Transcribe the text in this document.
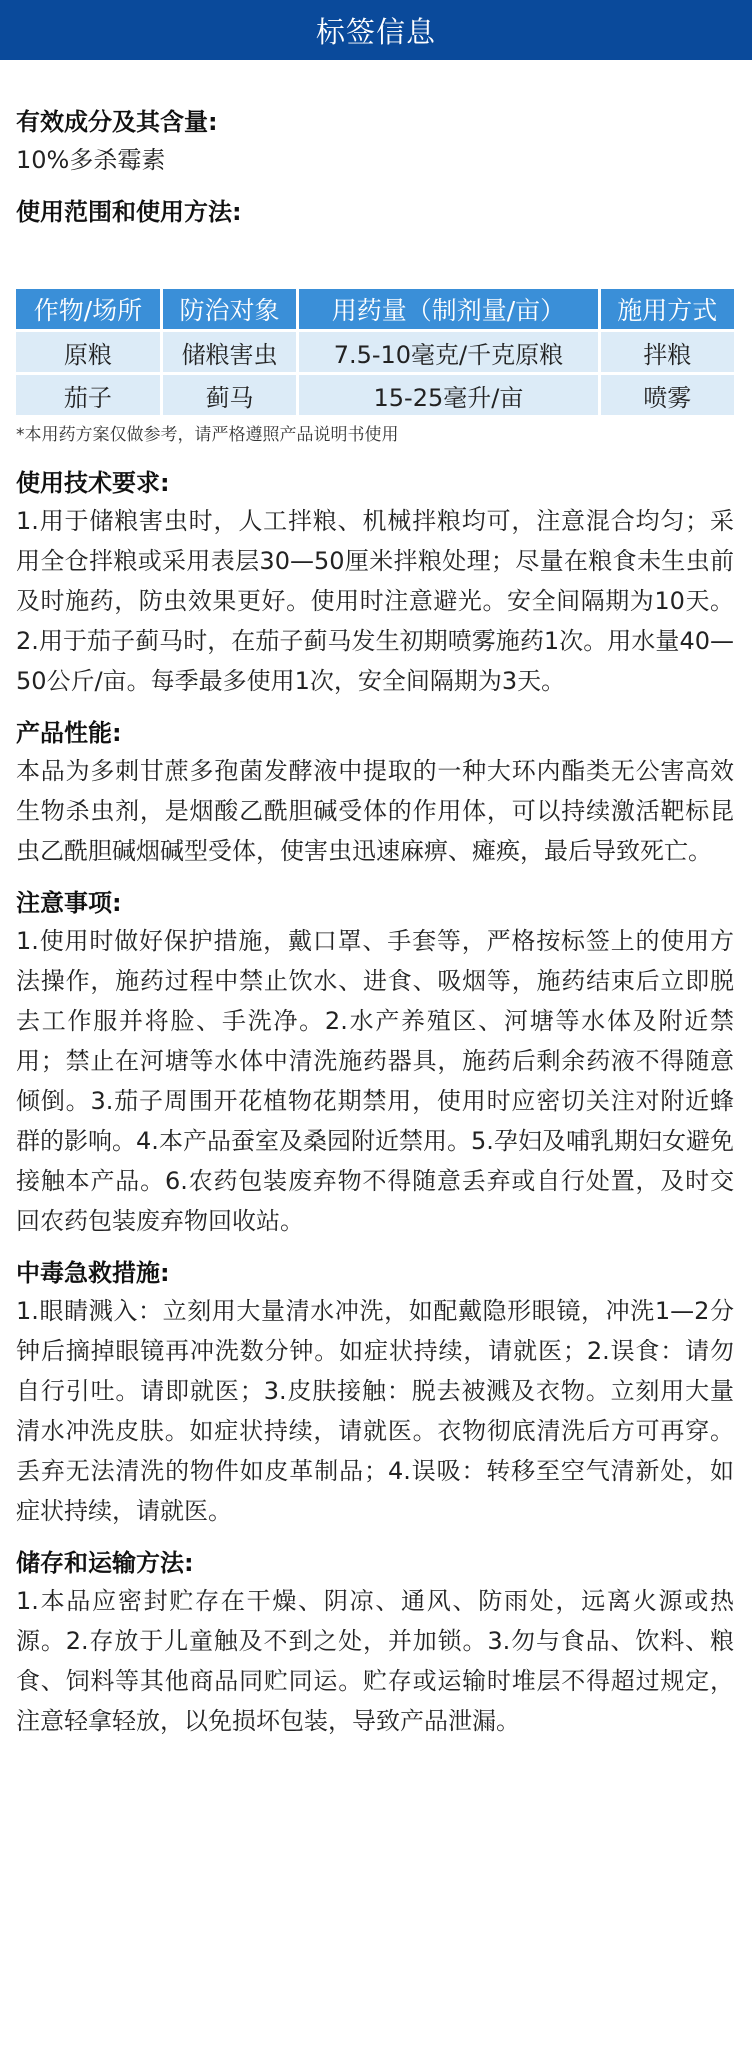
标签信息

有效成分及其含量:

10%多杀霉素

使用范围和使用方法:

作物/场所	防治对象	用药量（制剂量/亩）	施用方式
原粮	储粮害虫	7.5-10毫克/千克原粮	拌粮
茄子	蓟马	15-25毫升/亩	喷雾

*本用药方案仅做参考，请严格遵照产品说明书使用

使用技术要求:

1.用于储粮害虫时，人工拌粮、机械拌粮均可，注意混合均匀；采用全仓拌粮或采用表层30—50厘米拌粮处理；尽量在粮食未生虫前及时施药，防虫效果更好。使用时注意避光。安全间隔期为10天。2.用于茄子蓟马时，在茄子蓟马发生初期喷雾施药1次。用水量40—50公斤/亩。每季最多使用1次，安全间隔期为3天。

产品性能:

本品为多刺甘蔗多孢菌发酵液中提取的一种大环内酯类无公害高效生物杀虫剂，是烟酸乙酰胆碱受体的作用体，可以持续激活靶标昆虫乙酰胆碱烟碱型受体，使害虫迅速麻痹、瘫痪，最后导致死亡。

注意事项:

1.使用时做好保护措施，戴口罩、手套等，严格按标签上的使用方法操作，施药过程中禁止饮水、进食、吸烟等，施药结束后立即脱去工作服并将脸、手洗净。2.水产养殖区、河塘等水体及附近禁用；禁止在河塘等水体中清洗施药器具，施药后剩余药液不得随意倾倒。3.茄子周围开花植物花期禁用，使用时应密切关注对附近蜂群的影响。4.本产品蚕室及桑园附近禁用。5.孕妇及哺乳期妇女避免接触本产品。6.农药包装废弃物不得随意丢弃或自行处置，及时交回农药包装废弃物回收站。

中毒急救措施:

1.眼睛溅入：立刻用大量清水冲洗，如配戴隐形眼镜，冲洗1—2分钟后摘掉眼镜再冲洗数分钟。如症状持续，请就医；2.误食：请勿自行引吐。请即就医；3.皮肤接触：脱去被溅及衣物。立刻用大量清水冲洗皮肤。如症状持续，请就医。衣物彻底清洗后方可再穿。丢弃无法清洗的物件如皮革制品；4.误吸：转移至空气清新处，如症状持续，请就医。

储存和运输方法:

1.本品应密封贮存在干燥、阴凉、通风、防雨处，远离火源或热源。2.存放于儿童触及不到之处，并加锁。3.勿与食品、饮料、粮食、饲料等其他商品同贮同运。贮存或运输时堆层不得超过规定，注意轻拿轻放，以免损坏包装，导致产品泄漏。
